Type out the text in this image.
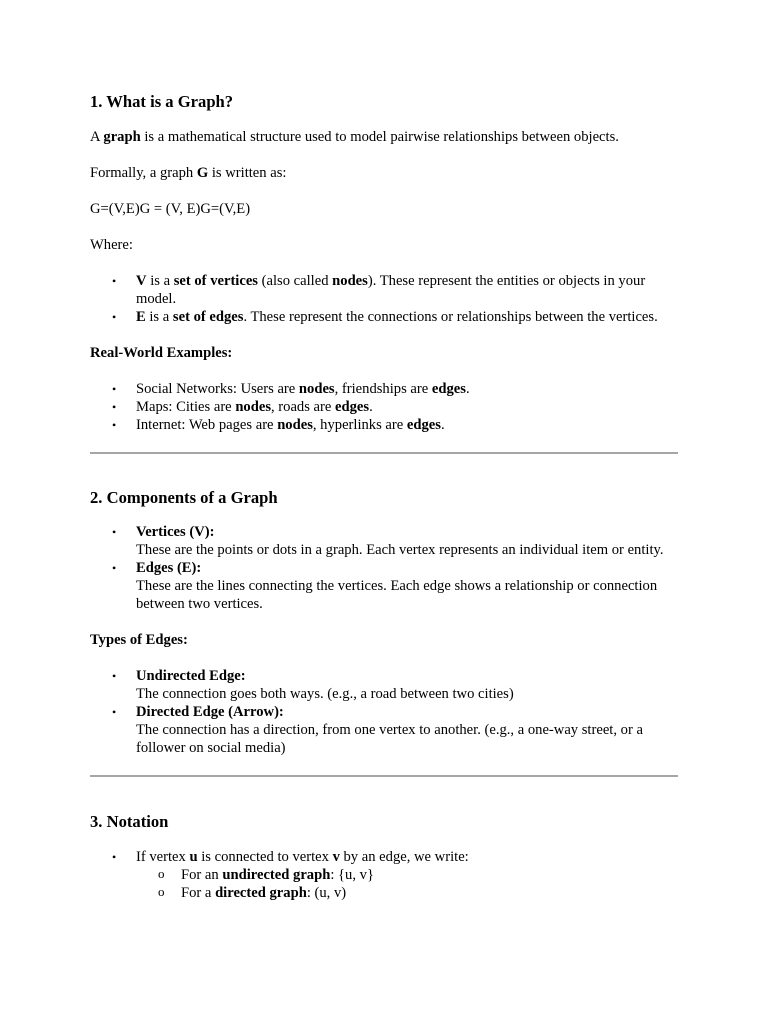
1. What is a Graph?

A graph is a mathematical structure used to model pairwise relationships between objects.

Formally, a graph G is written as:

G=(V,E)G = (V, E)G=(V,E)

Where:

• V is a set of vertices (also called nodes). These represent the entities or objects in your model.
• E is a set of edges. These represent the connections or relationships between the vertices.

Real-World Examples:

• Social Networks: Users are nodes, friendships are edges.
• Maps: Cities are nodes, roads are edges.
• Internet: Web pages are nodes, hyperlinks are edges.
2. Components of a Graph
• Vertices (V):
These are the points or dots in a graph. Each vertex represents an individual item or entity.
• Edges (E):
These are the lines connecting the vertices. Each edge shows a relationship or connection between two vertices.

Types of Edges:

• Undirected Edge:
The connection goes both ways. (e.g., a road between two cities)
• Directed Edge (Arrow):
The connection has a direction, from one vertex to another. (e.g., a one-way street, or a follower on social media)
3. Notation
• If vertex u is connected to vertex v by an edge, we write:
o For an undirected graph: {u, v}
o For a directed graph: (u, v)
